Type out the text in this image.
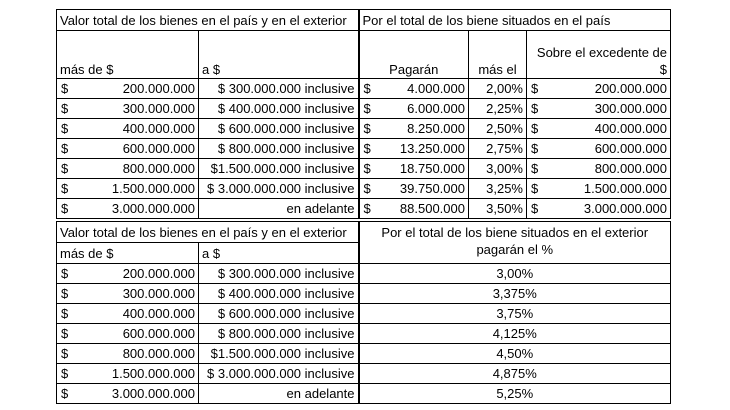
Valor total de los bienes en el país y en el exterior		Por el total de los biene situados en el país		
más de $	a $	Pagarán	más el	Sobre el excedente de $

$ 200.000.000	$ 300.000.000 inclusive	$ 4.000.000	2,00%	$ 200.000.000

$ 300.000.000	$ 400.000.000 inclusive	$ 6.000.000	2,25%	$ 300.000.000

$ 400.000.000	$ 600.000.000 inclusive	$ 8.250.000	2,50%	$ 400.000.000

$ 600.000.000	$ 800.000.000 inclusive	$ 13.250.000	2,75%	$ 600.000.000

$ 800.000.000	$1.500.000.000 inclusive	$ 18.750.000	3,00%	$ 800.000.000

$ 1.500.000.000	$ 3.000.000.000 inclusive	$ 39.750.000	3,25%	$ 1.500.000.000

$ 3.000.000.000	en adelante	$ 88.500.000	3,50%	$ 3.000.000.000
Valor total de los bienes en el país y en el exterior		Por el total de los biene situados en el exterior
pagarán el %

más de $	a $	

$ 200.000.000	$ 300.000.000 inclusive	3,00%

$ 300.000.000	$ 400.000.000 inclusive	3,375%

$ 400.000.000	$ 600.000.000 inclusive	3,75%

$ 600.000.000	$ 800.000.000 inclusive	4,125%

$ 800.000.000	$1.500.000.000 inclusive	4,50%

$ 1.500.000.000	$ 3.000.000.000 inclusive	4,875%

$ 3.000.000.000	en adelante	5,25%
